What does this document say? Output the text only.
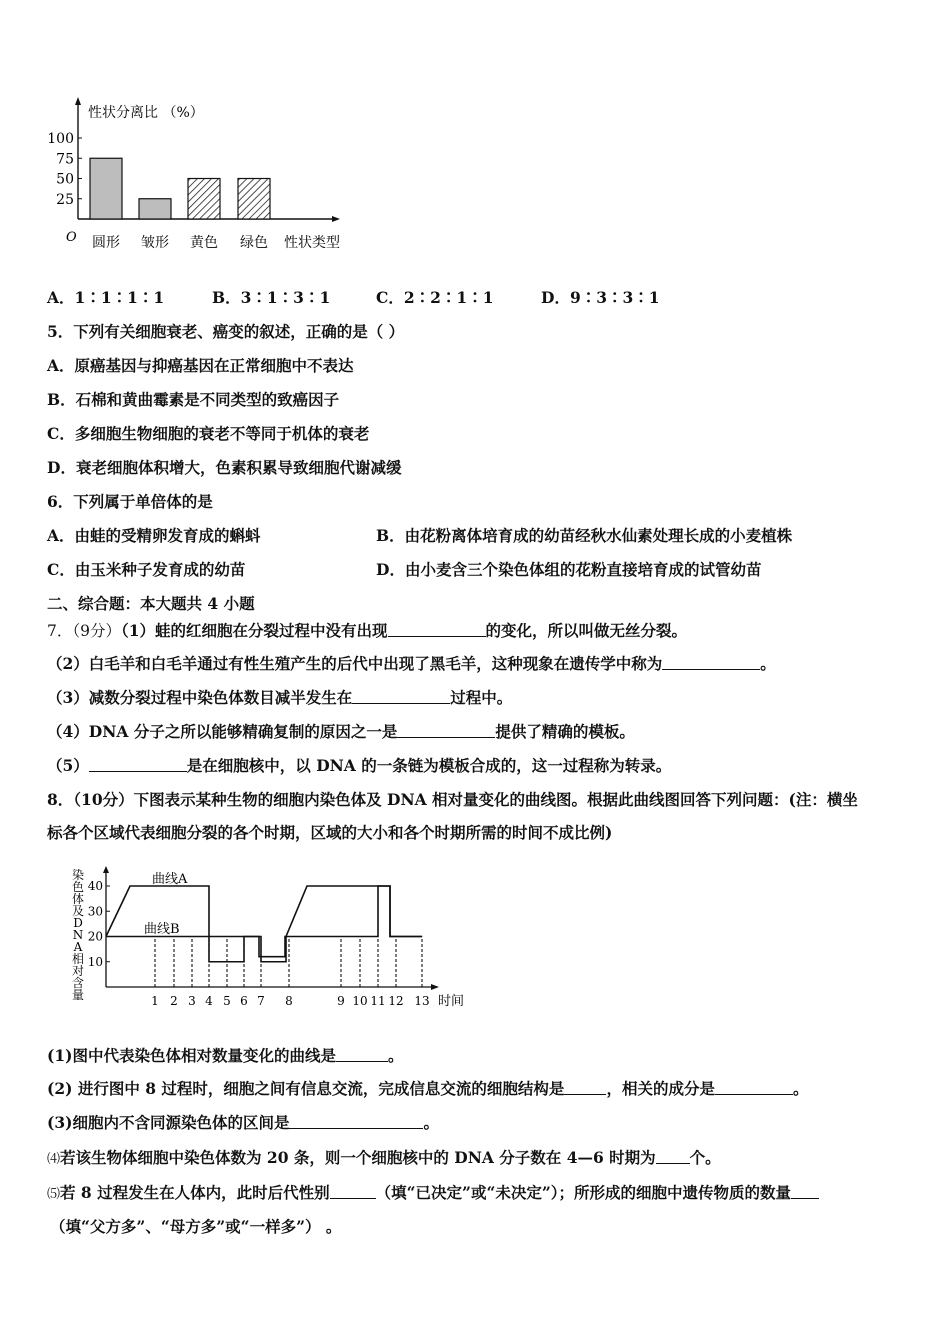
性状分离比 （%）
O	性状类型
100
75
50
25
圆形 皱形 黄色 绿色
A．1∶1∶1∶1	B．3∶1∶3∶1	C．2∶2∶1∶1	D．9∶3∶3∶1
5．下列有关细胞衰老、癌变的叙述，正确的是（ ）
A．原癌基因与抑癌基因在正常细胞中不表达
B．石棉和黄曲霉素是不同类型的致癌因子
C．多细胞生物细胞的衰老不等同于机体的衰老
D．衰老细胞体积增大，色素积累导致细胞代谢减缓
6．下列属于单倍体的是
A．由蛙的受精卵发育成的蝌蚪	B．由花粉离体培育成的幼苗经秋水仙素处理长成的小麦植株
C．由玉米种子发育成的幼苗	D．由小麦含三个染色体组的花粉直接培育成的试管幼苗
二、综合题：本大题共 4 小题
7．（9分）（1）蛙的红细胞在分裂过程中没有出现	的变化，所以叫做无丝分裂。
（2）白毛羊和白毛羊通过有性生殖产生的后代中出现了黑毛羊，这种现象在遗传学中称为	。
（3）减数分裂过程中染色体数目减半发生在	过程中。
（4）DNA 分子之所以能够精确复制的原因之一是	提供了精确的模板。
（5）	是在细胞核中，以 DNA 的一条链为模板合成的，这一过程称为转录。
8．（10分）下图表示某种生物的细胞内染色体及 DNA 相对量变化的曲线图。根据此曲线图回答下列问题：(注：横坐
标各个区域代表细胞分裂的各个时期，区域的大小和各个时期所需的时间不成比例)
染
色
体
及
D
N
A
相
对
含
量	时间
40
30
20
10
1 2 3 4 5 6 7 8	9 10 11 12 13
曲线A
曲线B
(1)图中代表染色体相对数量变化的曲线是	。
(2) 进行图中 8 过程时，细胞之间有信息交流，完成信息交流的细胞结构是	，相关的成分是	。
(3)细胞内不含同源染色体的区间是	。
⑷若该生物体细胞中染色体数为 20 条，则一个细胞核中的 DNA 分子数在 4—6 时期为 个。
⑸若 8 过程发生在人体内，此时后代性别	（填“已决定”或“未决定”）；所形成的细胞中遗传物质的数量
（填“父方多”、“母方多”或“一样多”） 。
